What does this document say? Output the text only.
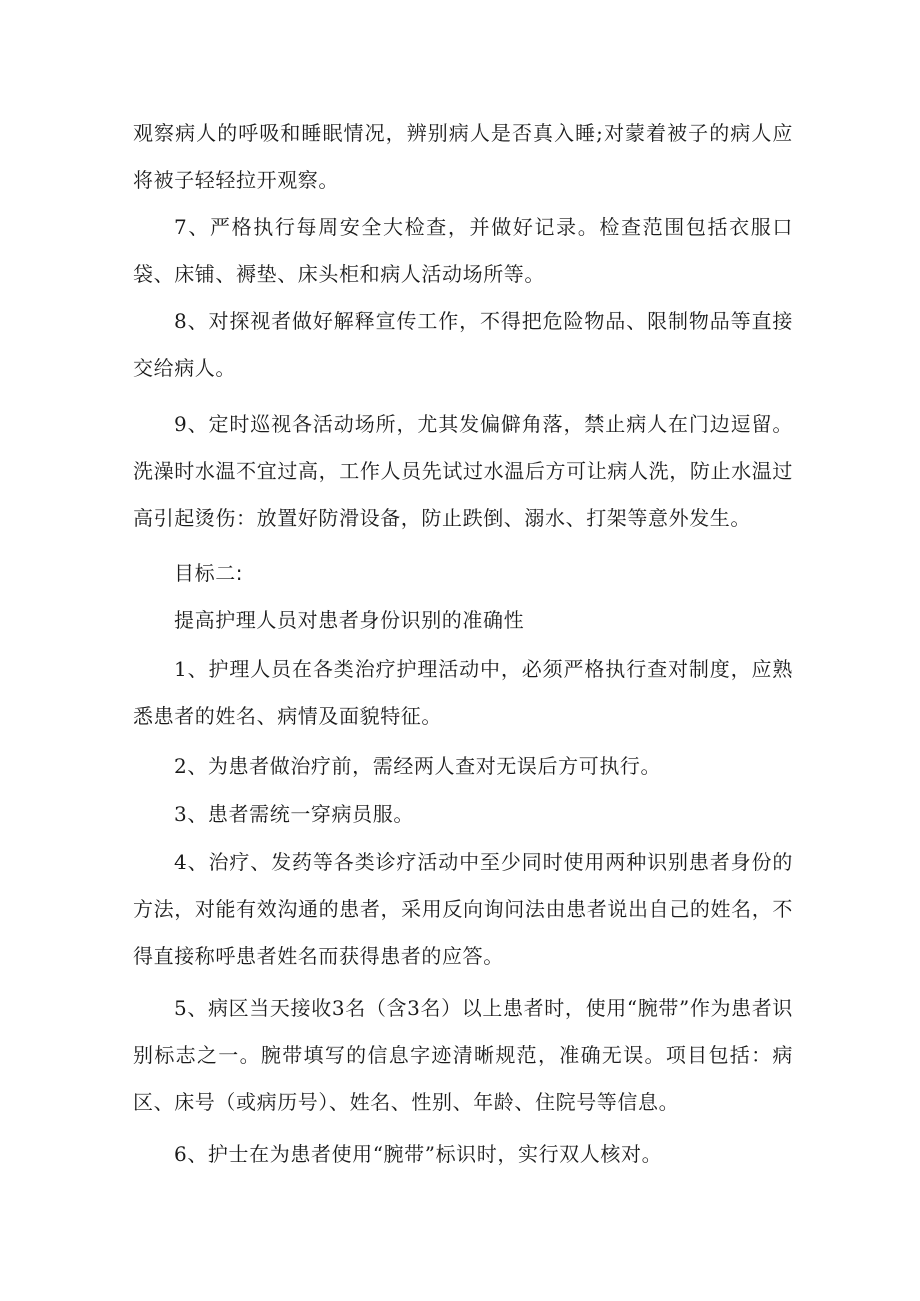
观察病人的呼吸和睡眠情况，辨别病人是否真入睡;对蒙着被子的病人应将被子轻轻拉开观察。
7、严格执行每周安全大检查，并做好记录。检查范围包括衣服口袋、床铺、褥垫、床头柜和病人活动场所等。
8、对探视者做好解释宣传工作，不得把危险物品、限制物品等直接交给病人。
9、定时巡视各活动场所，尤其发偏僻角落，禁止病人在门边逗留。洗澡时水温不宜过高，工作人员先试过水温后方可让病人洗，防止水温过高引起烫伤：放置好防滑设备，防止跌倒、溺水、打架等意外发生。
目标二:
提高护理人员对患者身份识别的准确性
1、护理人员在各类治疗护理活动中，必须严格执行查对制度，应熟悉患者的姓名、病情及面貌特征。
2、为患者做治疗前，需经两人查对无误后方可执行。
3、患者需统一穿病员服。
4、治疗、发药等各类诊疗活动中至少同时使用两种识别患者身份的方法，对能有效沟通的患者，采用反向询问法由患者说出自己的姓名，不得直接称呼患者姓名而获得患者的应答。
5、病区当天接收3名（含3名）以上患者时，使用“腕带”作为患者识别标志之一。腕带填写的信息字迹清晰规范，准确无误。项目包括：病区、床号（或病历号）、姓名、性别、年龄、住院号等信息。
6、护士在为患者使用“腕带”标识时，实行双人核对。
